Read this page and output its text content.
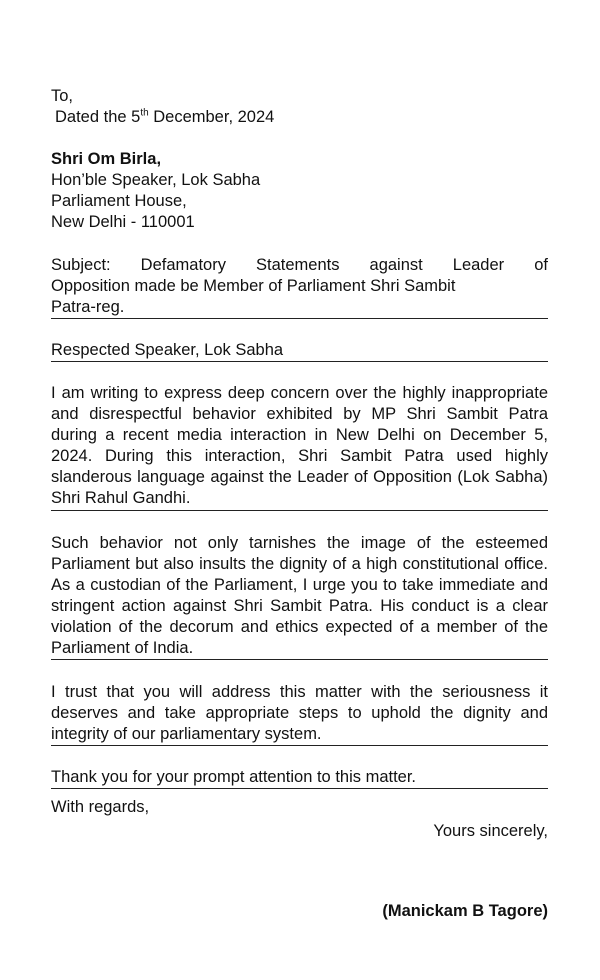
To,
Dated the 5th December, 2024
Shri Om Birla,
Hon’ble Speaker, Lok Sabha
Parliament House,
New Delhi - 110001
Subject: Defamatory Statements against Leader of
Opposition made be Member of Parliament Shri Sambit
Patra-reg.
Respected Speaker, Lok Sabha
I am writing to express deep concern over the highly inappropriate and disrespectful behavior exhibited by MP Shri Sambit Patra during a recent media interaction in New Delhi on December 5, 2024. During this interaction, Shri Sambit Patra used highly slanderous language against the Leader of Opposition (Lok Sabha) Shri Rahul Gandhi.
Such behavior not only tarnishes the image of the esteemed Parliament but also insults the dignity of a high constitutional office. As a custodian of the Parliament, I urge you to take immediate and stringent action against Shri Sambit Patra. His conduct is a clear violation of the decorum and ethics expected of a member of the Parliament of India.
I trust that you will address this matter with the seriousness it deserves and take appropriate steps to uphold the dignity and integrity of our parliamentary system.
Thank you for your prompt attention to this matter.
With regards,
Yours sincerely,
(Manickam B Tagore)
